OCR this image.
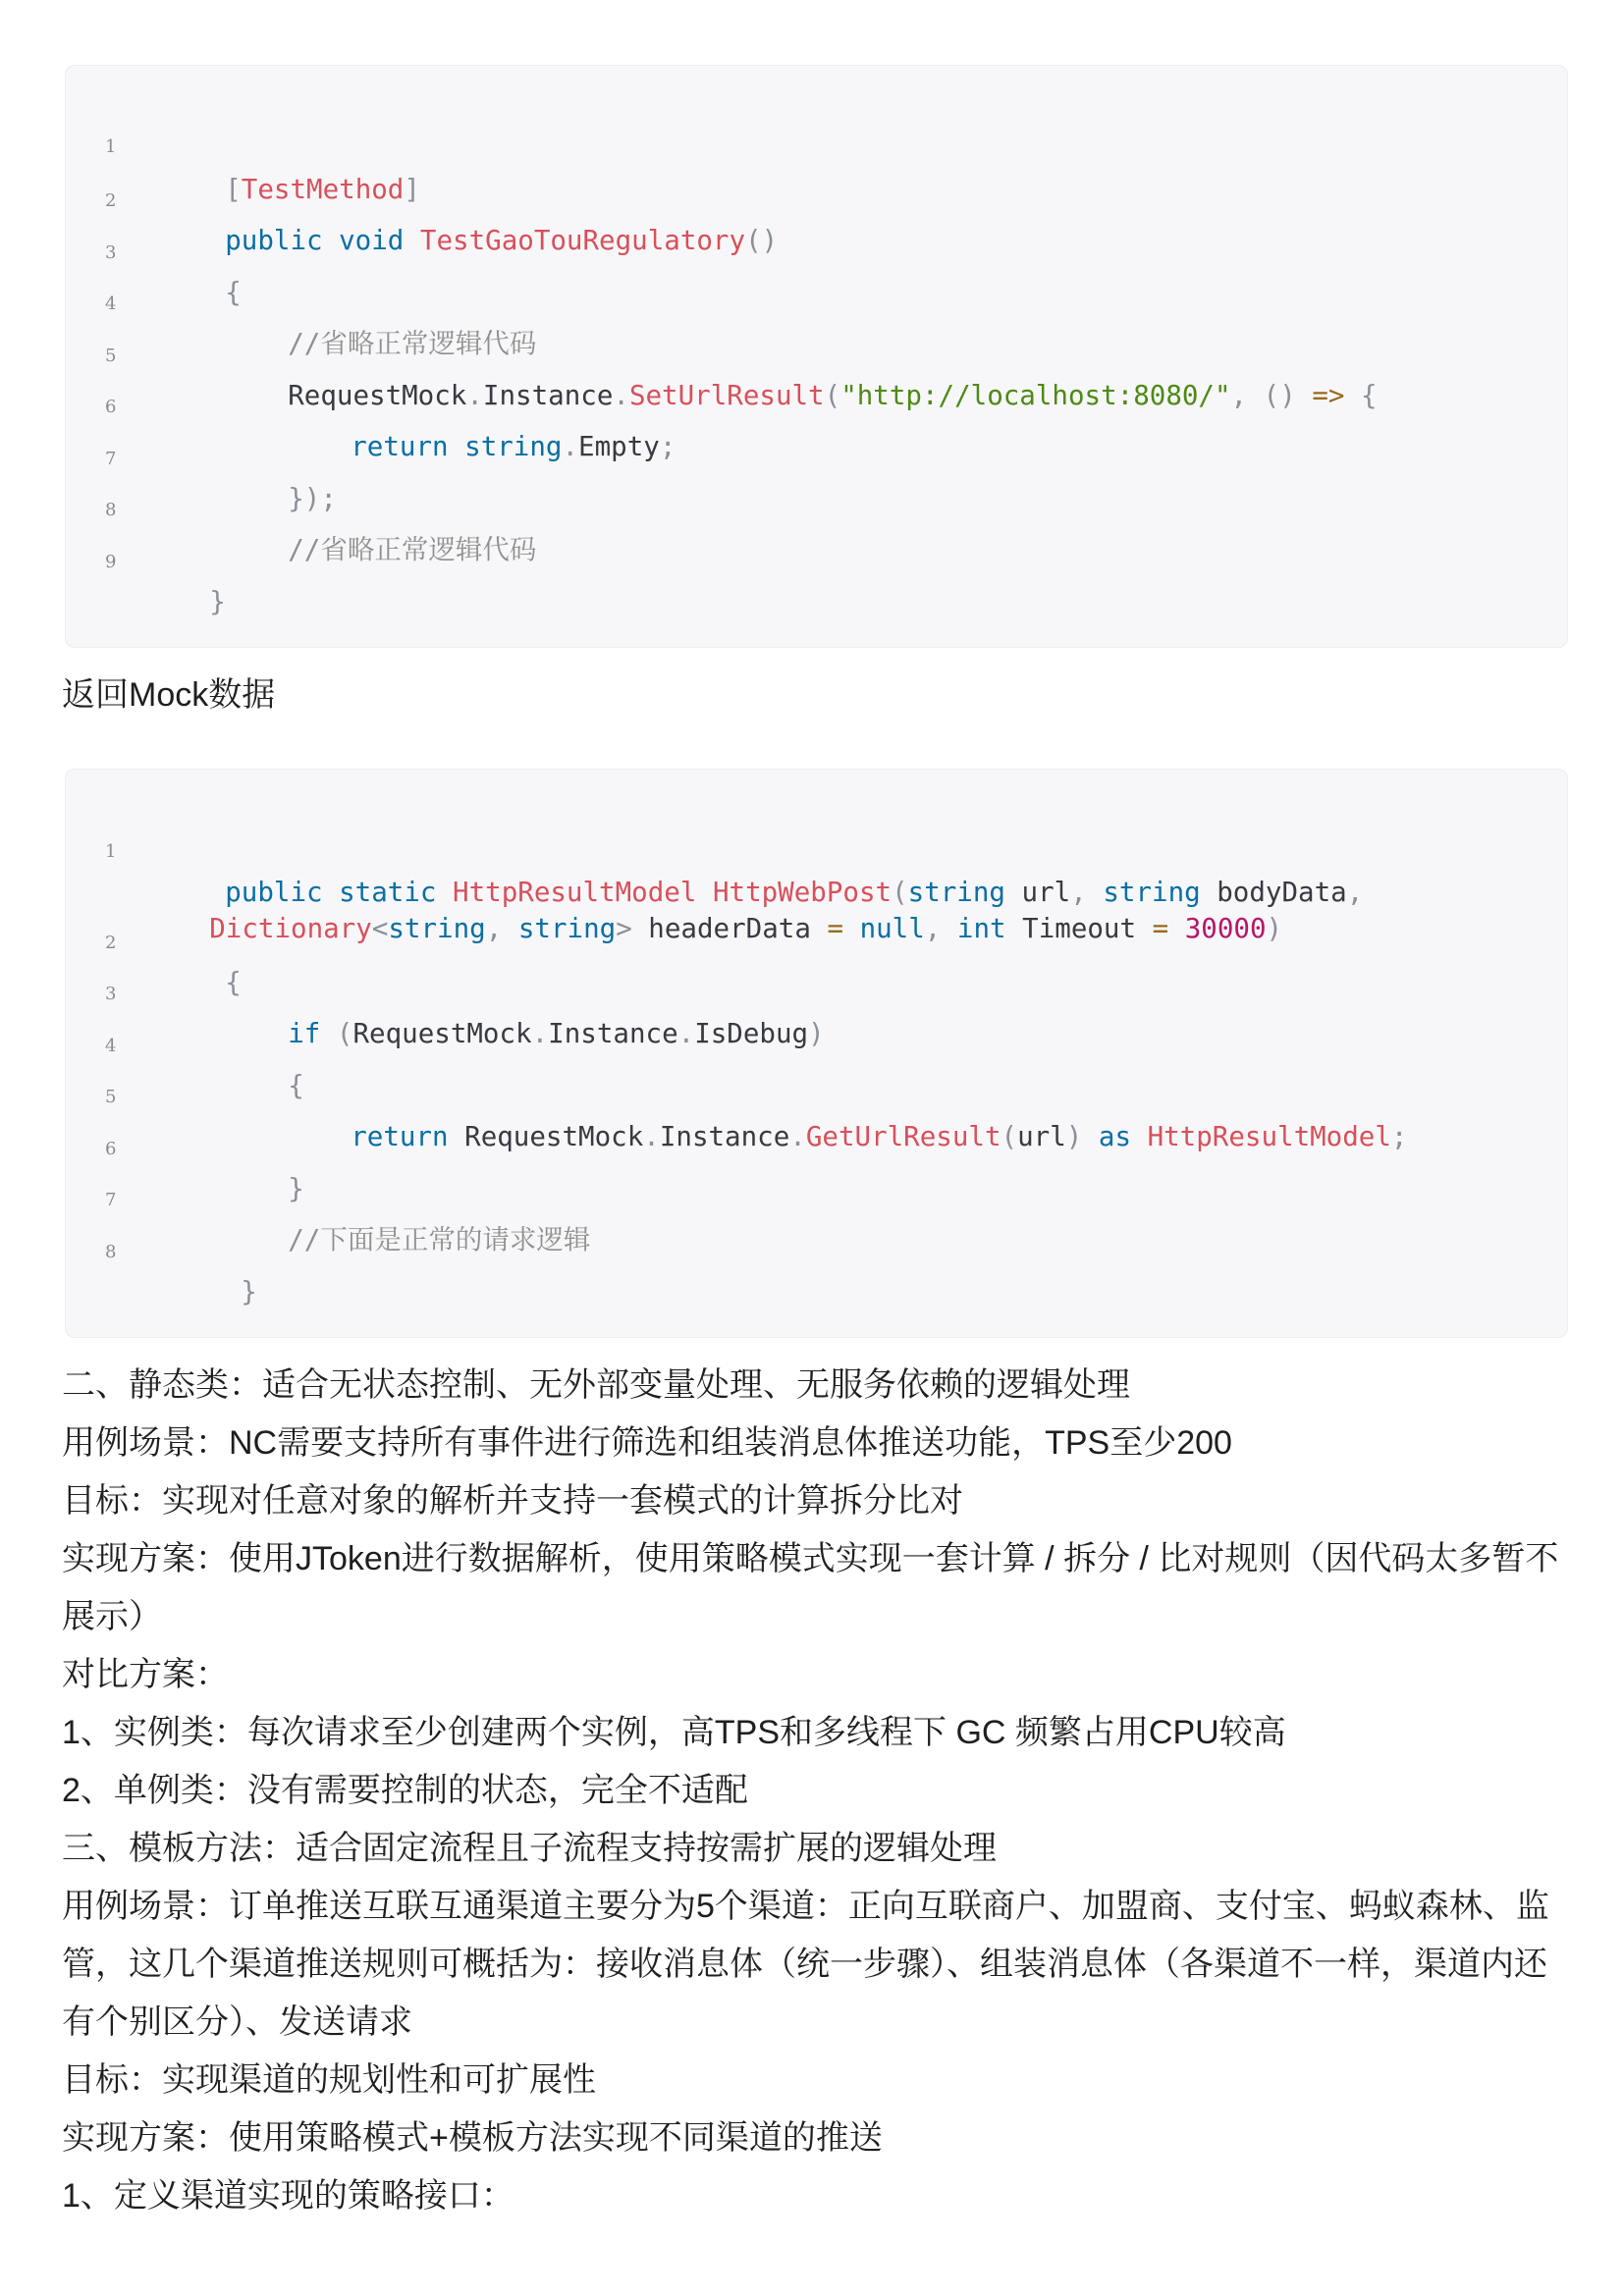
1
2
3
4
5
6
7
8
9

[TestMethod]

public void TestGaoTouRegulatory()

{

//省略正常逻辑代码

RequestMock.Instance.SetUrlResult("http://localhost:8080/", () => {

return string.Empty;

});

//省略正常逻辑代码

}

返回Mock数据
1
2
3
4
5
6
7
8

public static HttpResultModel HttpWebPost(string url, string bodyData,

Dictionary<string, string> headerData = null, int Timeout = 30000)

{

if (RequestMock.Instance.IsDebug)

{

return RequestMock.Instance.GetUrlResult(url) as HttpResultModel;

}

//下面是正常的请求逻辑

}

二、静态类：适合无状态控制、无外部变量处理、无服务依赖的逻辑处理
用例场景：NC需要支持所有事件进行筛选和组装消息体推送功能，TPS至少200
目标：实现对任意对象的解析并支持一套模式的计算拆分比对
实现方案：使用JToken进行数据解析，使用策略模式实现一套计算 / 拆分 / 比对规则（因代码太多暂不
展示）
对比方案：
1、实例类：每次请求至少创建两个实例，高TPS和多线程下 GC 频繁占用CPU较高
2、单例类：没有需要控制的状态，完全不适配
三、模板方法：适合固定流程且子流程支持按需扩展的逻辑处理
用例场景：订单推送互联互通渠道主要分为5个渠道：正向互联商户、加盟商、支付宝、蚂蚁森林、监
管，这几个渠道推送规则可概括为：接收消息体（统一步骤）、组装消息体（各渠道不一样，渠道内还
有个别区分）、发送请求
目标：实现渠道的规划性和可扩展性
实现方案：使用策略模式+模板方法实现不同渠道的推送
1、定义渠道实现的策略接口：
